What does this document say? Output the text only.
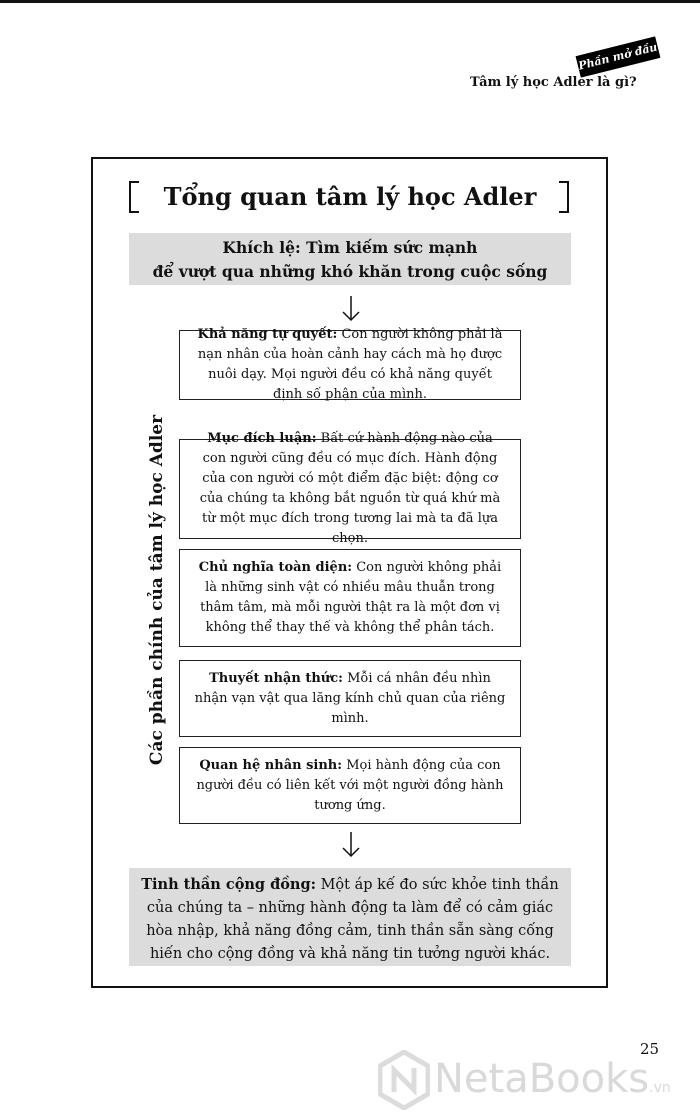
Phần mở đầu
Tâm lý học Adler là gì?
Tổng quan tâm lý học Adler
Khích lệ: Tìm kiếm sức mạnh
để vượt qua những khó khăn trong cuộc sống
Các phần chính của tâm lý học Adler
Khả năng tự quyết: Con người không phải là nạn nhân của hoàn cảnh hay cách mà họ được nuôi dạy. Mọi người đều có khả năng quyết định số phận của mình.
Mục đích luận: Bất cứ hành động nào của con người cũng đều có mục đích. Hành động của con người có một điểm đặc biệt: động cơ của chúng ta không bắt nguồn từ quá khứ mà từ một mục đích trong tương lai mà ta đã lựa chọn.
Chủ nghĩa toàn diện: Con người không phải là những sinh vật có nhiều mâu thuẫn trong thâm tâm, mà mỗi người thật ra là một đơn vị không thể thay thế và không thể phân tách.
Thuyết nhận thức: Mỗi cá nhân đều nhìn nhận vạn vật qua lăng kính chủ quan của riêng mình.
Quan hệ nhân sinh: Mọi hành động của con người đều có liên kết với một người đồng hành tương ứng.
Tinh thần cộng đồng: Một áp kế đo sức khỏe tinh thần của chúng ta – những hành động ta làm để có cảm giác hòa nhập, khả năng đồng cảm, tinh thần sẵn sàng cống hiến cho cộng đồng và khả năng tin tưởng người khác.
25
NetaBooks.vn
